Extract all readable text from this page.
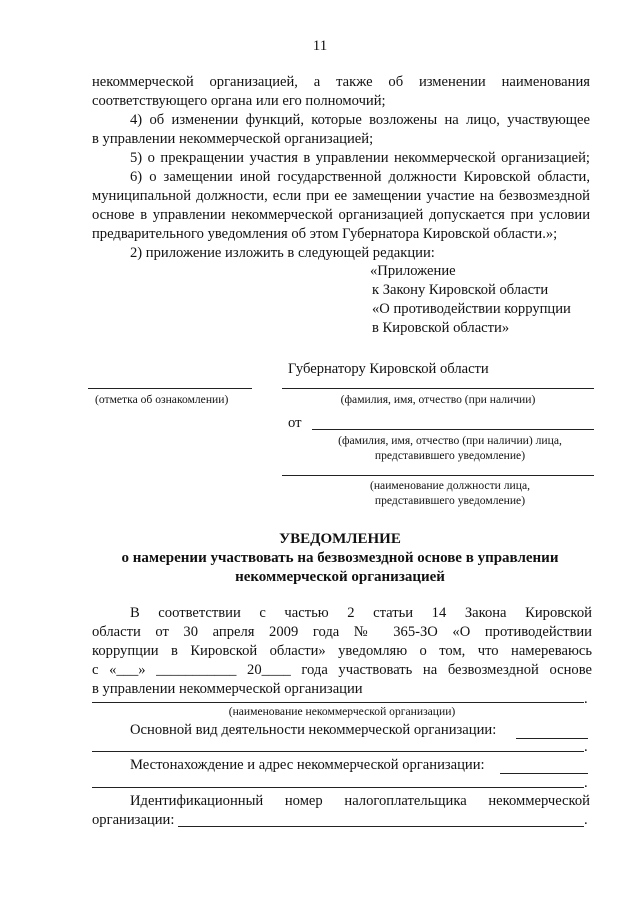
11
некоммерческой организацией, а также об изменении наименования
соответствующего органа или его полномочий;
4) об изменении функций, которые возложены на лицо, участвующее
в управлении некоммерческой организацией;
5) о прекращении участия в управлении некоммерческой организацией;
6) о замещении иной государственной должности Кировской области,
муниципальной должности, если при ее замещении участие на безвозмездной
основе в управлении некоммерческой организацией допускается при условии
предварительного уведомления об этом Губернатора Кировской области.»;
2) приложение изложить в следующей редакции:
«Приложение
к Закону Кировской области
«О противодействии коррупции
в Кировской области»
Губернатору Кировской области
(отметка об ознакомлении)	(фамилия, имя, отчество (при наличии)
от
(фамилия, имя, отчество (при наличии) лица,
представившего уведомление)
(наименование должности лица,
представившего уведомление)
УВЕДОМЛЕНИЕ
о намерении участвовать на безвозмездной основе в управлении
некоммерческой организацией
В соответствии с частью 2 статьи 14 Закона Кировской
области от 30 апреля 2009 года № 365-ЗО «О противодействии
коррупции в Кировской области» уведомляю о том, что намереваюсь
с «___» ___________ 20____ года участвовать на безвозмездной основе
в управлении некоммерческой организации
.
(наименование некоммерческой организации)
Основной вид деятельности некоммерческой организации:
.
Местонахождение и адрес некоммерческой организации:
.
Идентификационный номер налогоплательщика некоммерческой
организации:	.
